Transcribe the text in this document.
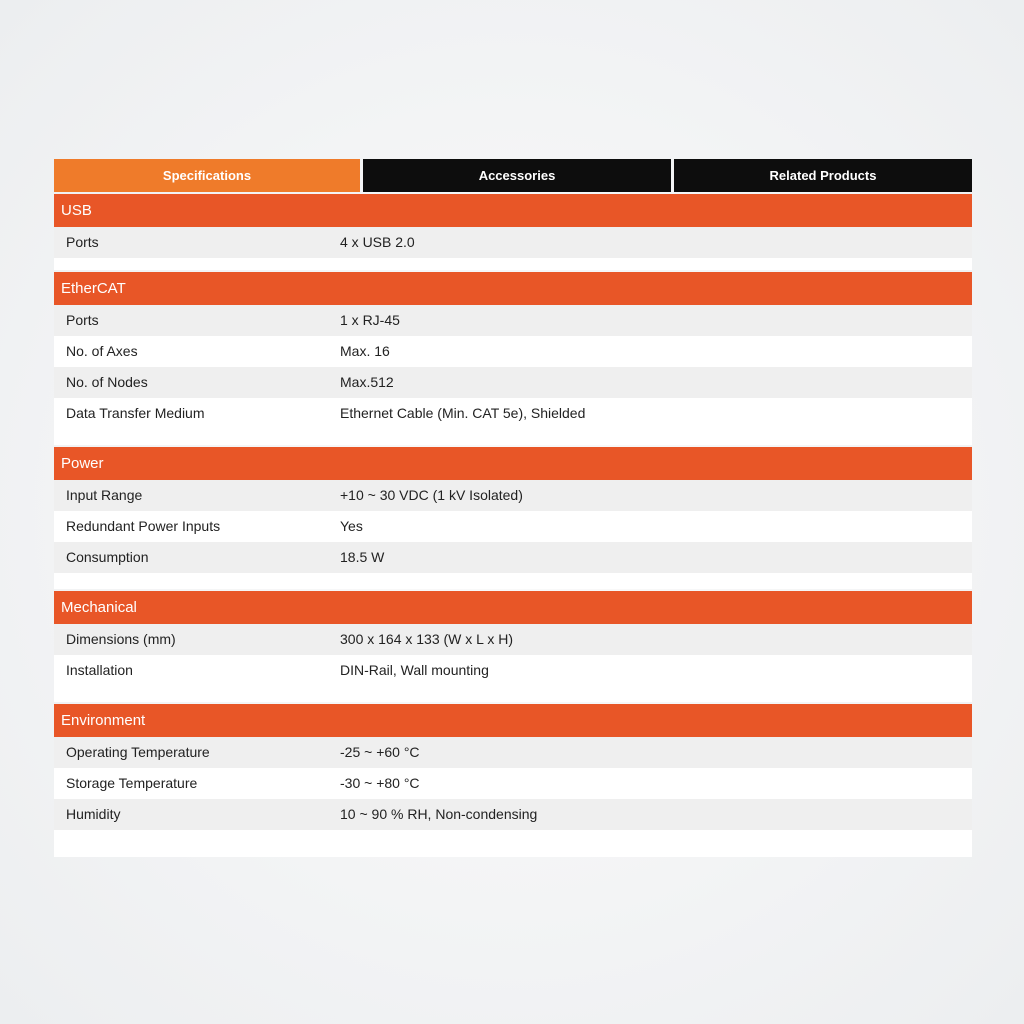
Specifications	Accessories	Related Products
USB
Ports	4 x USB 2.0
EtherCAT
Ports	1 x RJ-45
No. of Axes	Max. 16
No. of Nodes	Max.512
Data Transfer Medium	Ethernet Cable (Min. CAT 5e), Shielded
Power
Input Range	+10 ~ 30 VDC (1 kV Isolated)
Redundant Power Inputs	Yes
Consumption	18.5 W
Mechanical
Dimensions (mm)	300 x 164 x 133 (W x L x H)
Installation	DIN-Rail, Wall mounting
Environment
Operating Temperature	-25 ~ +60 °C
Storage Temperature	-30 ~ +80 °C
Humidity	10 ~ 90 % RH, Non-condensing
